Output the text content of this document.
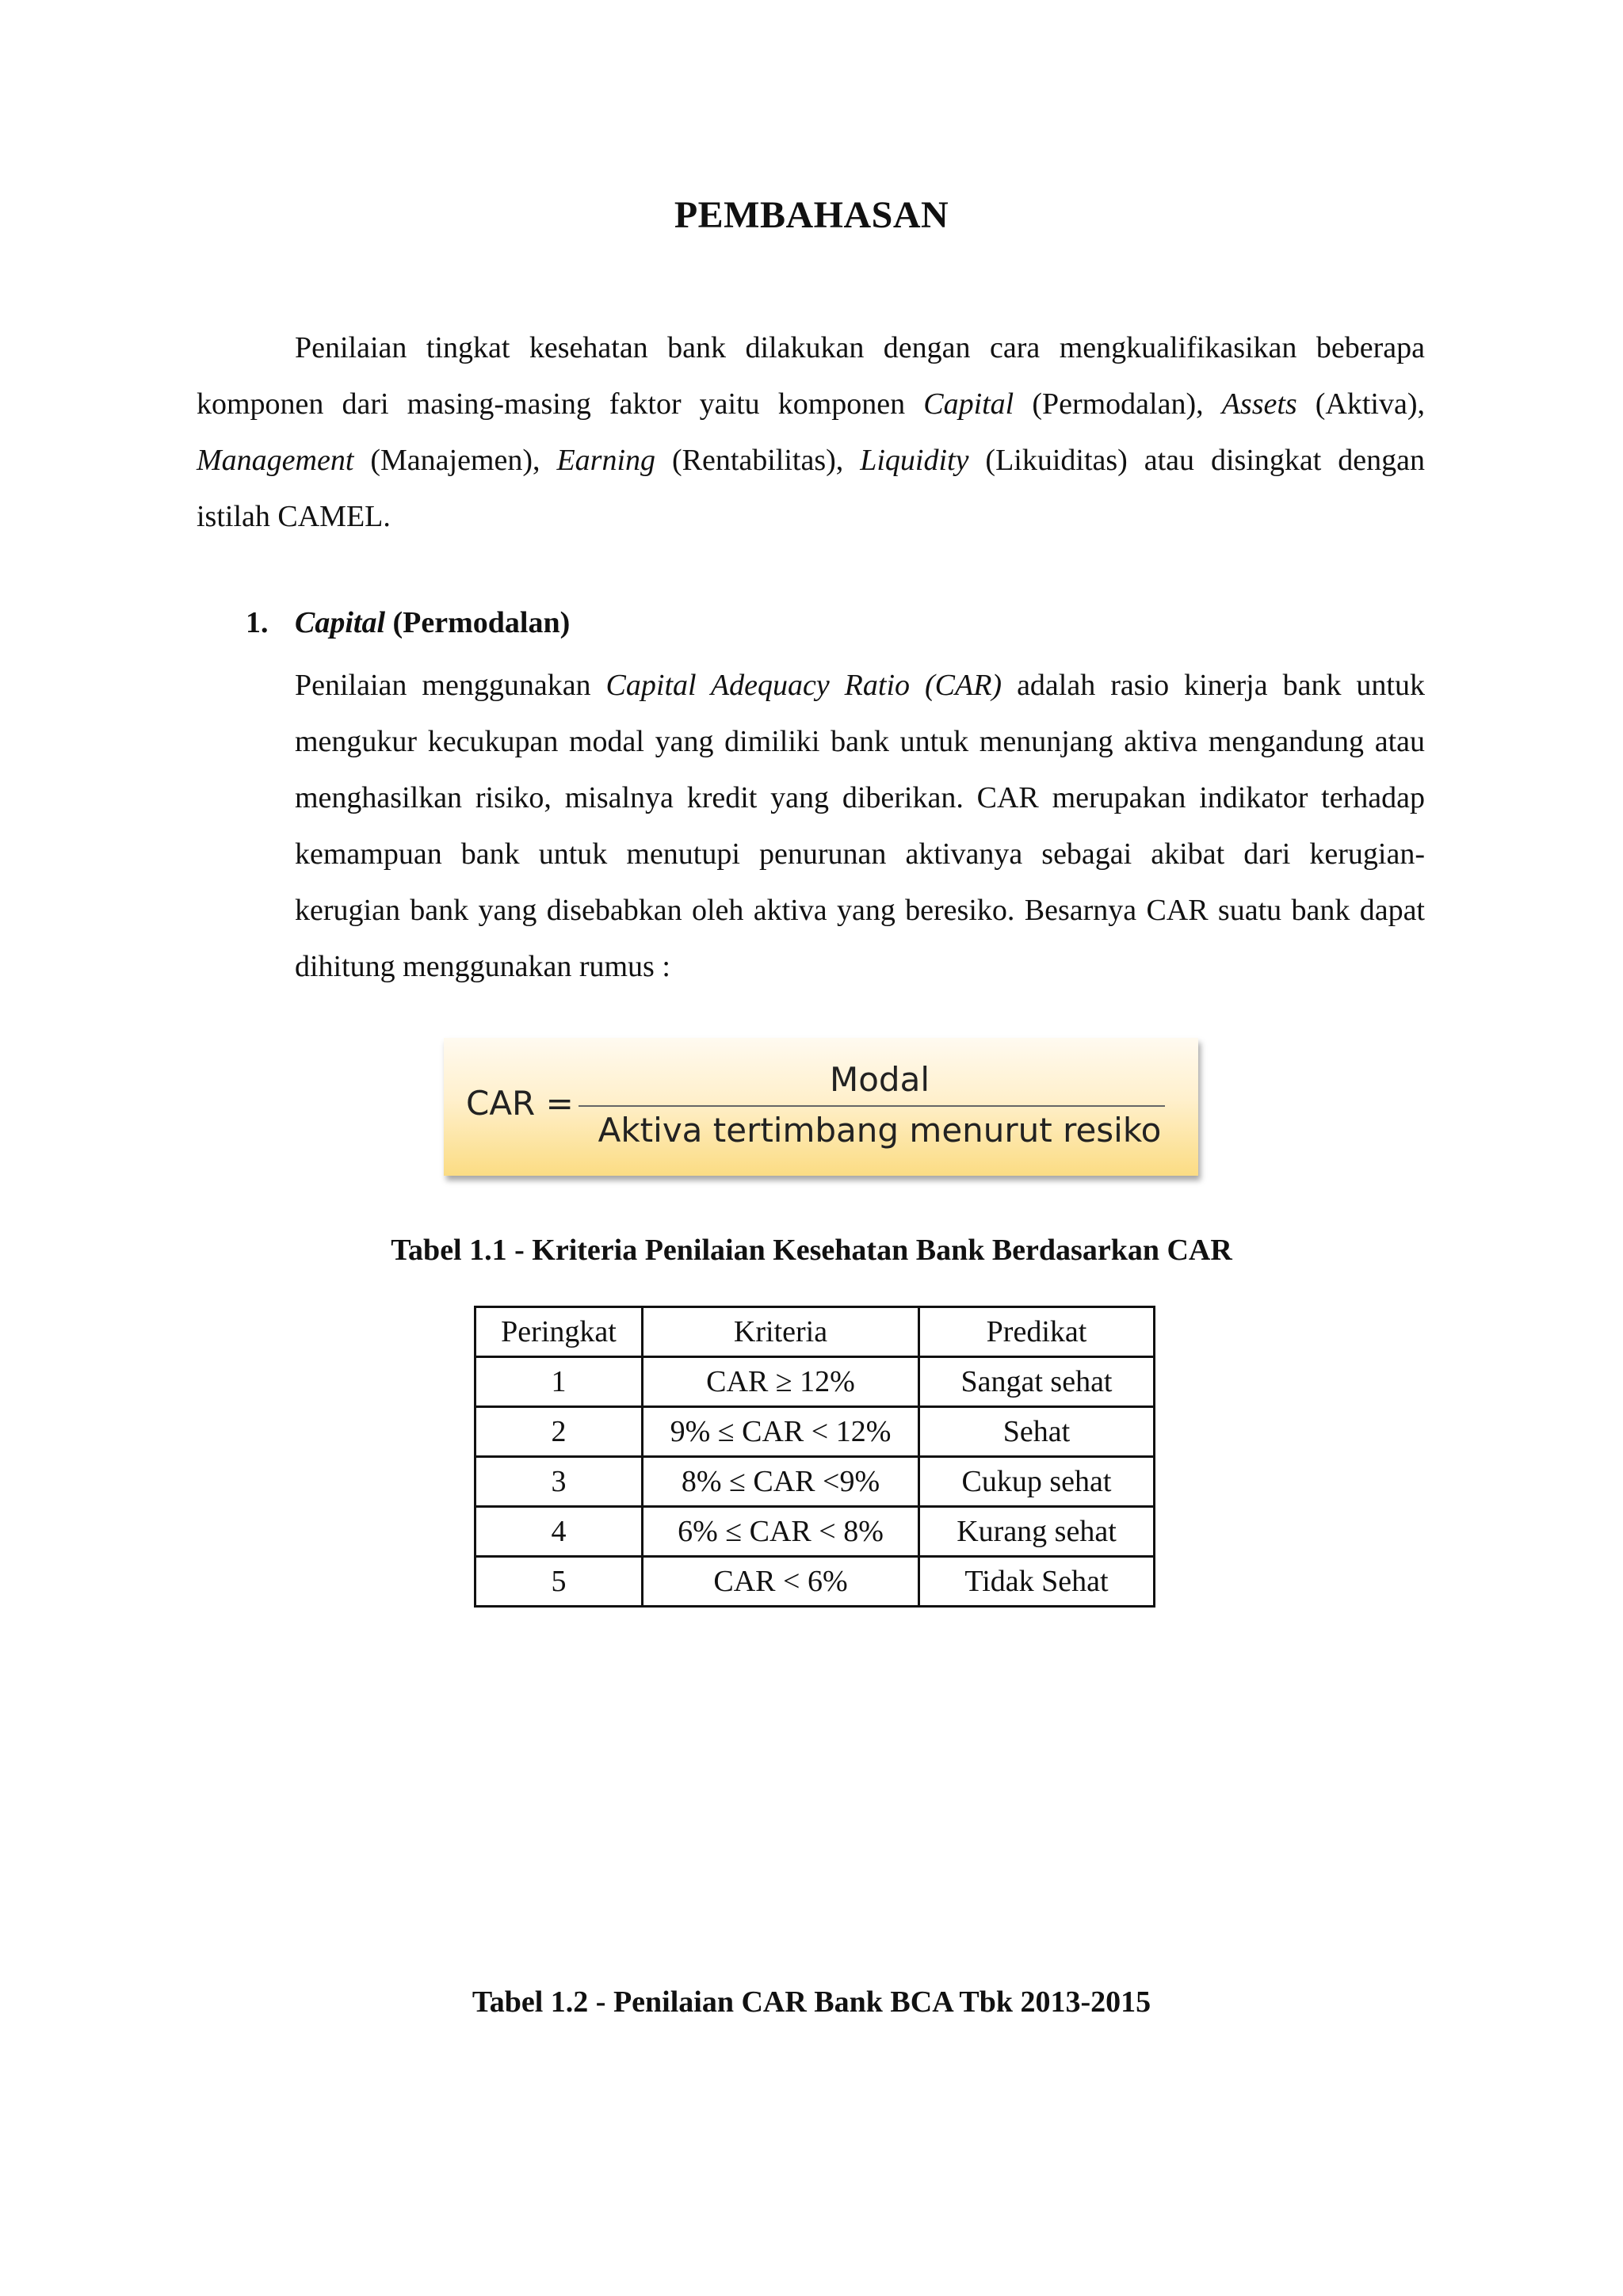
PEMBAHASAN

Penilaian tingkat kesehatan bank dilakukan dengan cara mengkualifikasikan beberapa komponen dari masing-masing faktor yaitu komponen Capital (Permodalan), Assets (Aktiva), Management (Manajemen), Earning (Rentabilitas), Liquidity (Likuiditas) atau disingkat dengan istilah CAMEL.

1. Capital (Permodalan)

Penilaian menggunakan Capital Adequacy Ratio (CAR) adalah rasio kinerja bank untuk mengukur kecukupan modal yang dimiliki bank untuk menunjang aktiva mengandung atau menghasilkan risiko, misalnya kredit yang diberikan. CAR merupakan indikator terhadap kemampuan bank untuk menutupi penurunan aktivanya sebagai akibat dari kerugian-kerugian bank yang disebabkan oleh aktiva yang beresiko. Besarnya CAR suatu bank dapat dihitung menggunakan rumus :

CAR =
Modal
Aktiva tertimbang menurut resiko
Tabel 1.1 - Kriteria Penilaian Kesehatan Bank Berdasarkan CAR
Peringkat	Kriteria	Predikat
1	CAR ≥ 12%	Sangat sehat
2	9% ≤ CAR < 12%	Sehat
3	8% ≤ CAR <9%	Cukup sehat
4	6% ≤ CAR < 8%	Kurang sehat
5	CAR < 6%	Tidak Sehat
Tabel 1.2 - Penilaian CAR Bank BCA Tbk 2013-2015
